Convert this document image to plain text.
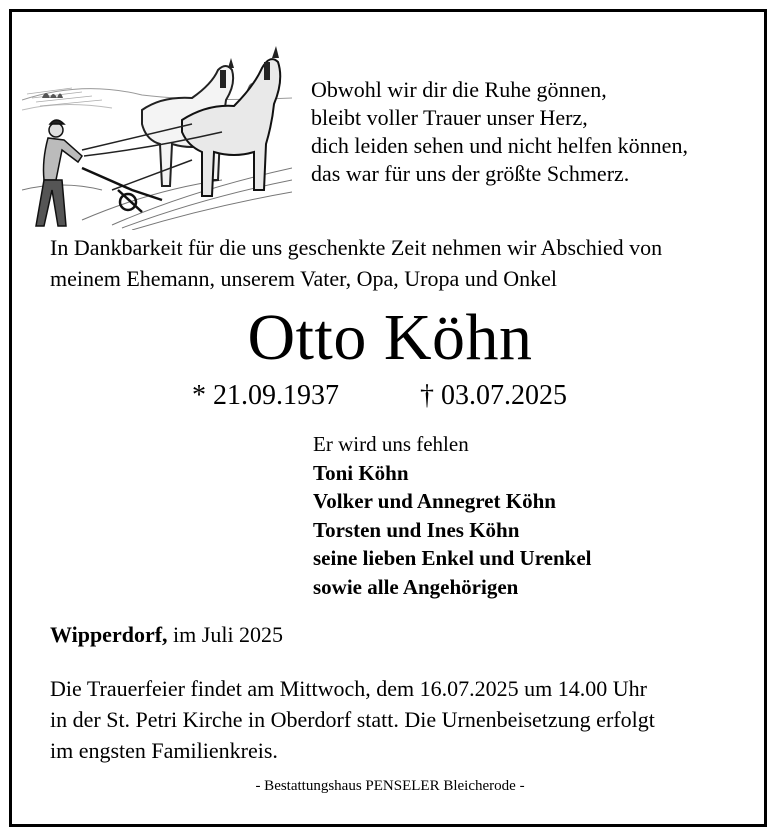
Obwohl wir dir die Ruhe gönnen,
bleibt voller Trauer unser Herz,
dich leiden sehen und nicht helfen können,
das war für uns der größte Schmerz.
In Dankbarkeit für die uns geschenkte Zeit nehmen wir Abschied von
meinem Ehemann, unserem Vater, Opa, Uropa und Onkel
Otto Köhn
* 21.09.1937	† 03.07.2025
Er wird uns fehlen
Toni Köhn
Volker und Annegret Köhn
Torsten und Ines Köhn
seine lieben Enkel und Urenkel
sowie alle Angehörigen
Wipperdorf, im Juli 2025
Die Trauerfeier findet am Mittwoch, dem 16.07.2025 um 14.00 Uhr
in der St. Petri Kirche in Oberdorf statt. Die Urnenbeisetzung erfolgt
im engsten Familienkreis.
- Bestattungshaus PENSELER Bleicherode -
